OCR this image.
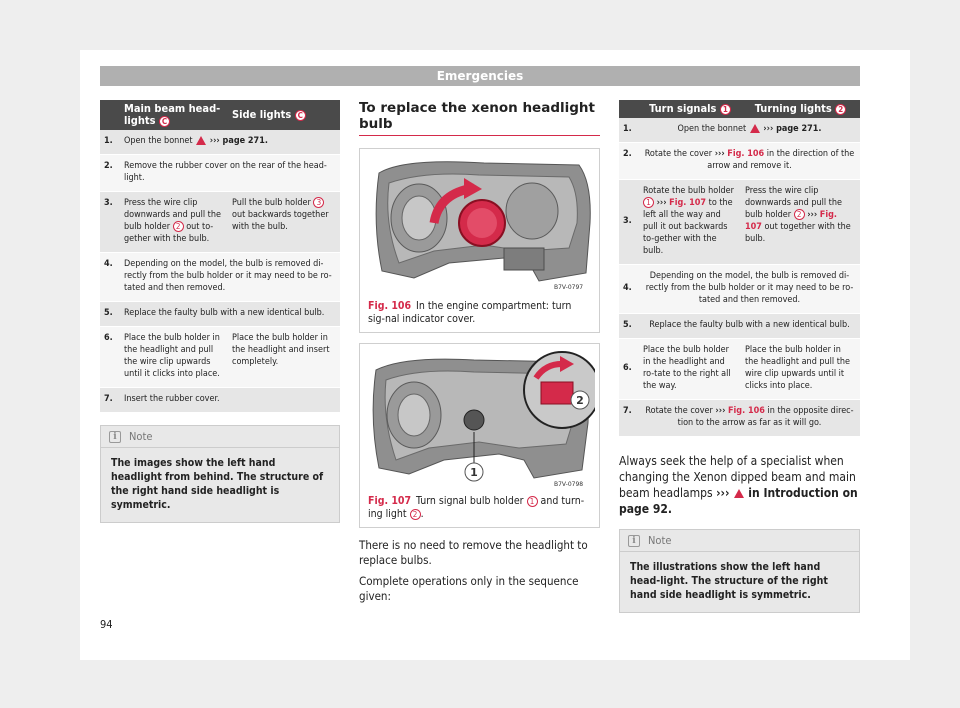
Emergencies
	Main beam head-lights C	Side lights C
1.	Open the bonnet ››› page 271.	
2.	Remove the rubber cover on the rear of the head-light.	
3.	Press the wire clip downwards and pull the bulb holder 2 out to-gether with the bulb.	Pull the bulb holder 3 out backwards together with the bulb.
4.	Depending on the model, the bulb is removed di-rectly from the bulb holder or it may need to be ro-tated and then removed.	
5.	Replace the faulty bulb with a new identical bulb.	
6.	Place the bulb holder in the headlight and pull the wire clip upwards until it clicks into place.	Place the bulb holder in the headlight and insert completely.
7.	Insert the rubber cover.	
i	Note
The images show the left hand headlight from behind. The structure of the right hand side headlight is symmetric.
To replace the xenon headlight bulb
B7V-0797
Fig. 106 In the engine compartment: turn sig-nal indicator cover.
2
1
B7V-0798
Fig. 107 Turn signal bulb holder 1 and turn-ing light 2 .

There is no need to remove the headlight to replace bulbs.

Complete operations only in the sequence given:

	Turn signals 1	Turning lights 2
1.	Open the bonnet ››› page 271.	
2.	Rotate the cover ››› Fig. 106 in the direction of the arrow and remove it.	
3.	Rotate the bulb holder 1 ››› Fig. 107 to the left all the way and pull it out backwards to-gether with the bulb.	Press the wire clip downwards and pull the bulb holder 2 ››› Fig. 107 out together with the bulb.
4.	Depending on the model, the bulb is removed di-rectly from the bulb holder or it may need to be ro-tated and then removed.	
5.	Replace the faulty bulb with a new identical bulb.	
6.	Place the bulb holder in the headlight and ro-tate to the right all the way.	Place the bulb holder in the headlight and pull the wire clip upwards until it clicks into place.
7.	Rotate the cover ››› Fig. 106 in the opposite direc-tion to the arrow as far as it will go.	

Always seek the help of a specialist when changing the Xenon dipped beam and main beam headlamps ››› in Introduction on page 92.

i	Note
The illustrations show the left hand head-light. The structure of the right hand side headlight is symmetric.
94
